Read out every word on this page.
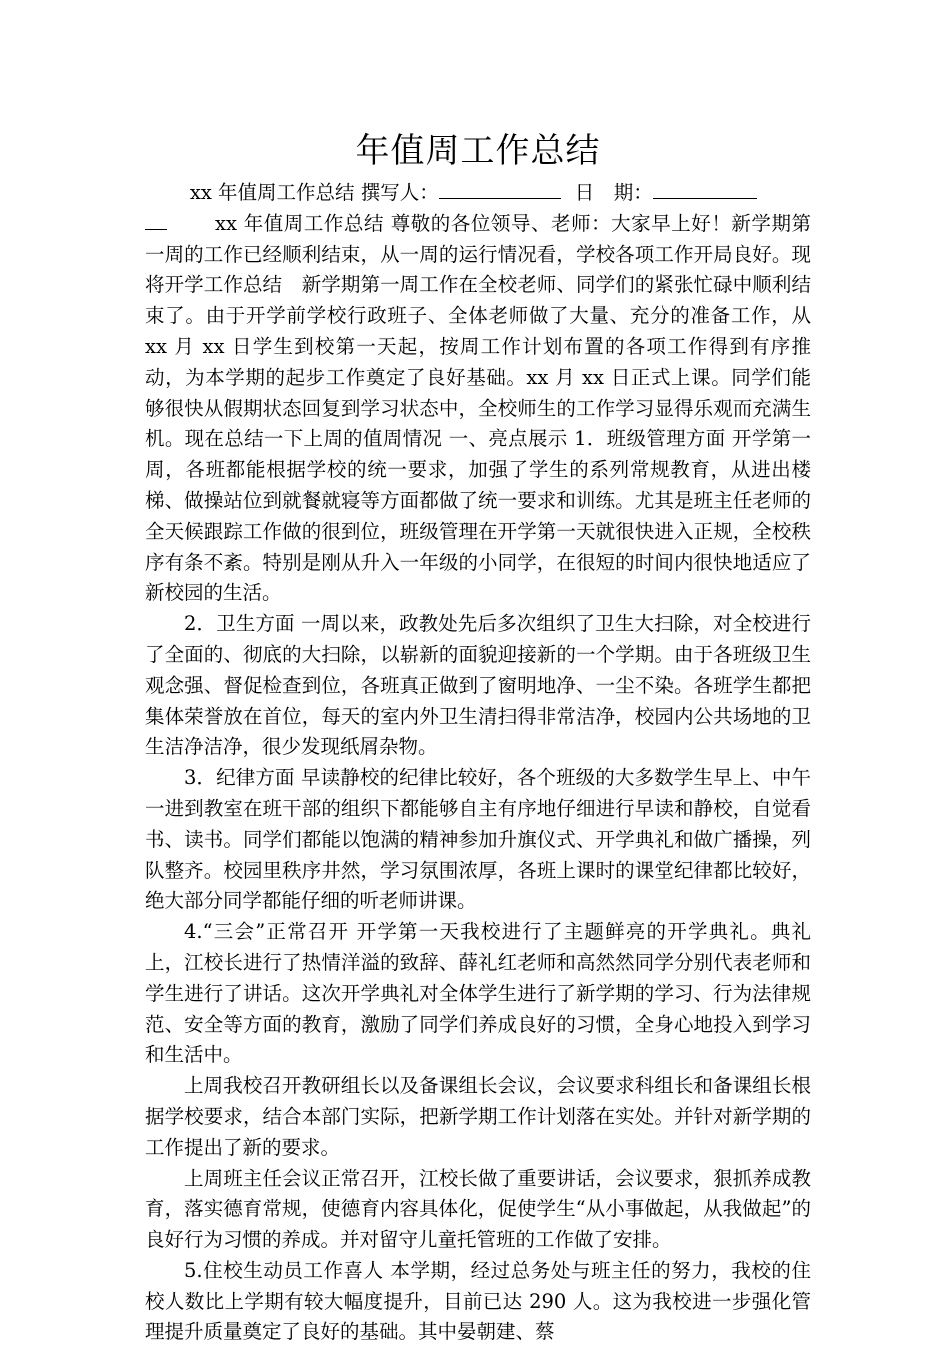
年值周工作总结

xx 年值周工作总结 撰写人：	日　期：

xx 年值周工作总结 尊敬的各位领导、老师：大家早上好！新学期第一周的工作已经顺利结束，从一周的运行情况看，学校各项工作开局良好。现将开学工作总结　新学期第一周工作在全校老师、同学们的紧张忙碌中顺利结束了。由于开学前学校行政班子、全体老师做了大量、充分的准备工作，从 xx 月 xx 日学生到校第一天起，按周工作计划布置的各项工作得到有序推动，为本学期的起步工作奠定了良好基础。xx 月 xx 日正式上课。同学们能够很快从假期状态回复到学习状态中，全校师生的工作学习显得乐观而充满生机。现在总结一下上周的值周情况 一、亮点展示 1．班级管理方面 开学第一周，各班都能根据学校的统一要求，加强了学生的系列常规教育，从进出楼梯、做操站位到就餐就寝等方面都做了统一要求和训练。尤其是班主任老师的全天候跟踪工作做的很到位，班级管理在开学第一天就很快进入正规，全校秩序有条不紊。特别是刚从升入一年级的小同学，在很短的时间内很快地适应了新校园的生活。

2．卫生方面 一周以来，政教处先后多次组织了卫生大扫除，对全校进行了全面的、彻底的大扫除，以崭新的面貌迎接新的一个学期。由于各班级卫生观念强、督促检查到位，各班真正做到了窗明地净、一尘不染。各班学生都把集体荣誉放在首位，每天的室内外卫生清扫得非常洁净，校园内公共场地的卫生洁净洁净，很少发现纸屑杂物。

3．纪律方面 早读静校的纪律比较好，各个班级的大多数学生早上、中午一进到教室在班干部的组织下都能够自主有序地仔细进行早读和静校，自觉看书、读书。同学们都能以饱满的精神参加升旗仪式、开学典礼和做广播操，列队整齐。校园里秩序井然，学习氛围浓厚，各班上课时的课堂纪律都比较好，绝大部分同学都能仔细的听老师讲课。

4.“三会”正常召开 开学第一天我校进行了主题鲜亮的开学典礼。典礼上，江校长进行了热情洋溢的致辞、薛礼红老师和高然然同学分别代表老师和学生进行了讲话。这次开学典礼对全体学生进行了新学期的学习、行为法律规范、安全等方面的教育，激励了同学们养成良好的习惯，全身心地投入到学习和生活中。

上周我校召开教研组长以及备课组长会议，会议要求科组长和备课组长根据学校要求，结合本部门实际，把新学期工作计划落在实处。并针对新学期的工作提出了新的要求。

上周班主任会议正常召开，江校长做了重要讲话，会议要求，狠抓养成教育，落实德育常规，使德育内容具体化，促使学生“从小事做起，从我做起”的良好行为习惯的养成。并对留守儿童托管班的工作做了安排。

5.住校生动员工作喜人 本学期，经过总务处与班主任的努力，我校的住校人数比上学期有较大幅度提升，目前已达 290 人。这为我校进一步强化管理提升质量奠定了良好的基础。其中晏朝建、蔡
